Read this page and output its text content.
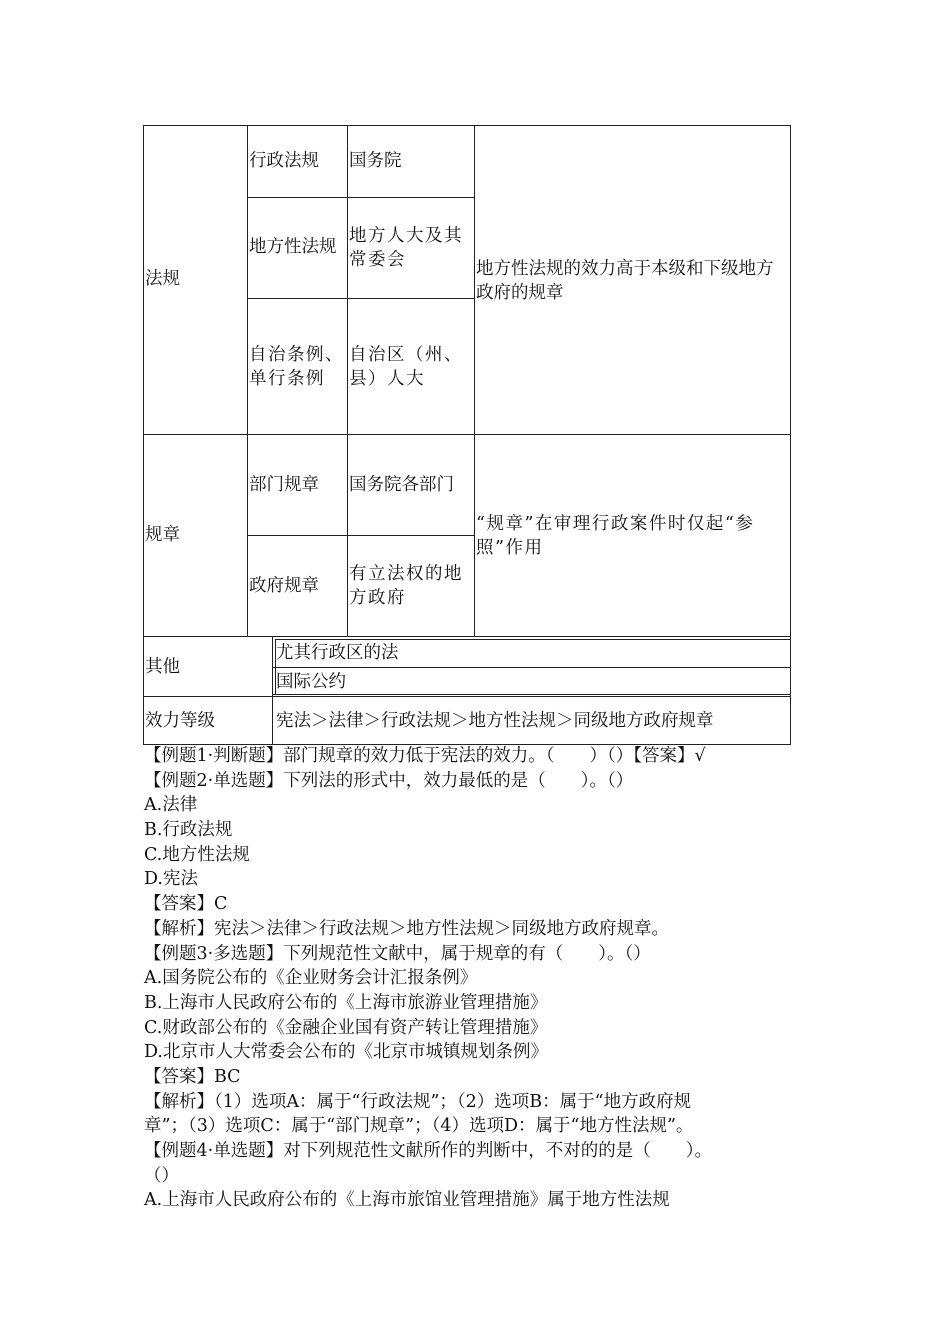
法规
行政法规 国务院
地方性法规
地方人大及其常委会
自治条例、单行条例
自治区（州、县）人大
地方性法规的效力高于本级和下级地方政府的规章
规章
部门规章 国务院各部门
政府规章
有立法权的地方政府
“规章”在审理行政案件时仅起“参照”作用
其他
尤其行政区的法
国际公约
效力等级	宪法＞法律＞行政法规＞地方性法规＞同级地方政府规章
【例题1·判断题】部门规章的效力低于宪法的效力。（　　）（）【答案】√
【例题2·单选题】下列法的形式中，效力最低的是（　　）。（）
A.法律
B.行政法规
C.地方性法规
D.宪法
【答案】C
【解析】宪法＞法律＞行政法规＞地方性法规＞同级地方政府规章。
【例题3·多选题】下列规范性文献中，属于规章的有（　　）。（）
A.国务院公布的《企业财务会计汇报条例》
B.上海市人民政府公布的《上海市旅游业管理措施》
C.财政部公布的《金融企业国有资产转让管理措施》
D.北京市人大常委会公布的《北京市城镇规划条例》
【答案】BC
【解析】（1）选项A：属于“行政法规”；（2）选项B：属于“地方政府规
章”；（3）选项C：属于“部门规章”；（4）选项D：属于“地方性法规”。
【例题4·单选题】对下列规范性文献所作的判断中，不对的的是（　　）。
（）
A.上海市人民政府公布的《上海市旅馆业管理措施》属于地方性法规
